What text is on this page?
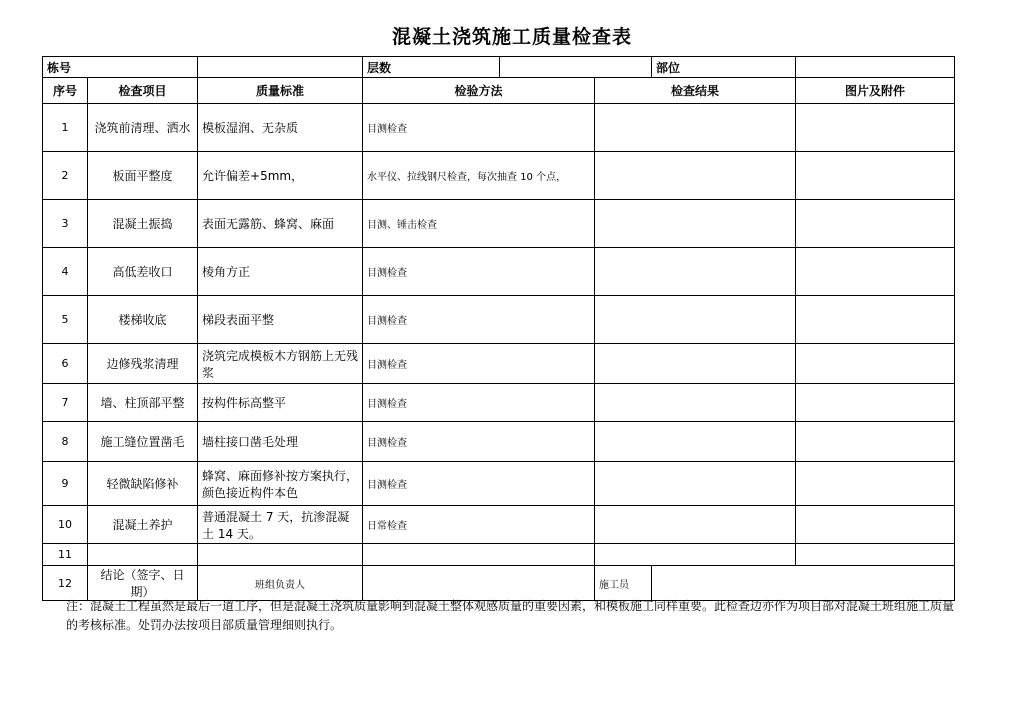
混凝土浇筑施工质量检查表
栋号			层数			部位	
序号	检查项目	质量标准	检验方法		检查结果		图片及附件
1	浇筑前清理、洒水	模板湿润、无杂质	目测检查				
2	板面平整度	允许偏差+5mm，	水平仪、拉线钢尺检查，每次抽查 10 个点，				
3	混凝土振捣	表面无露筋、蜂窝、麻面	目测、锤击检查				
4	高低差收口	棱角方正	目测检查				
5	楼梯收底	梯段表面平整	目测检查				
6	边修残浆清理	浇筑完成模板木方钢筋上无残浆	目测检查				
7	墙、柱顶部平整	按构件标高整平	目测检查				
8	施工缝位置凿毛	墙柱接口凿毛处理	目测检查				
9	轻微缺陷修补	蜂窝、麻面修补按方案执行，颜色接近构件本色	目测检查				
10	混凝土养护	普通混凝土 7 天，抗渗混凝土 14 天。	日常检查				
11							
12	结论（签字、日期）	班组负责人			施工员		
注：混凝土工程虽然是最后一道工序，但是混凝土浇筑质量影响到混凝土整体观感质量的重要因素，和模板施工同样重要。此检查边亦作为项目部对混凝土班组施工质量的考核标准。处罚办法按项目部质量管理细则执行。
